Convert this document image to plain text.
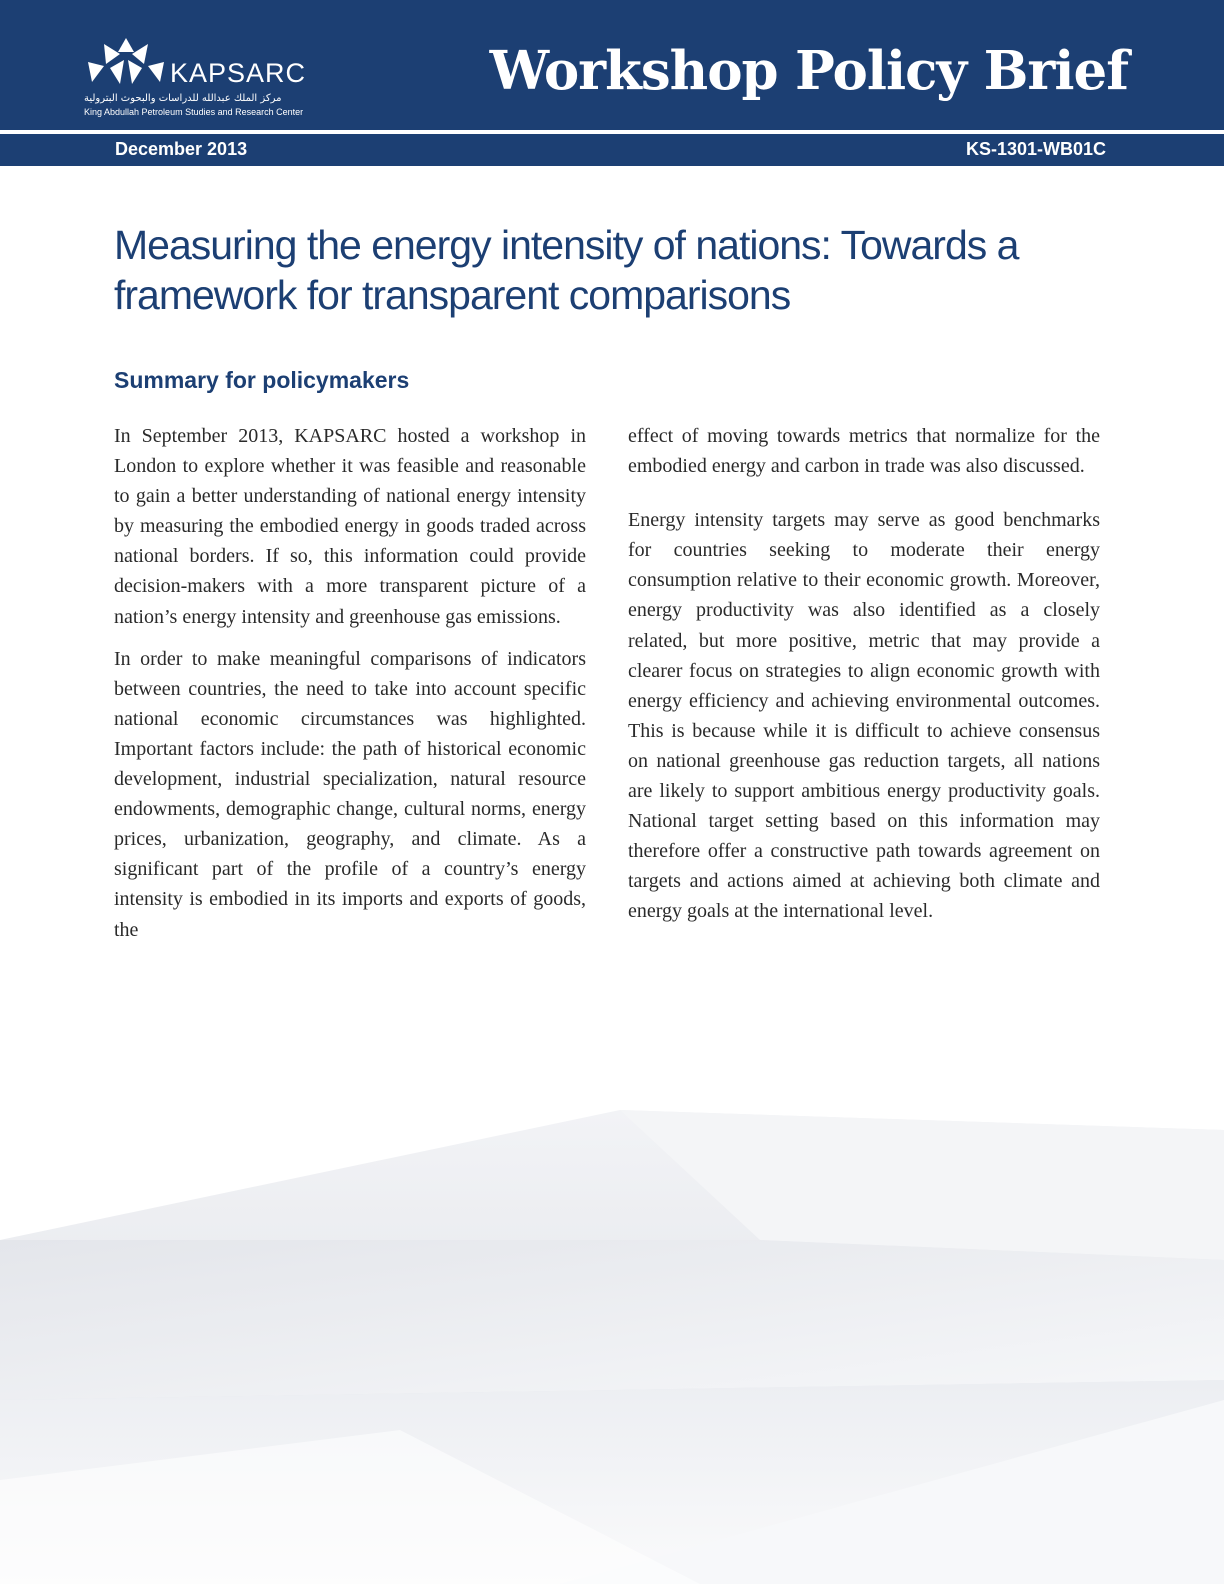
KAPSARC
مركز الملك عبدالله للدراسات والبحوث البترولية
King Abdullah Petroleum Studies and Research Center
Workshop Policy Brief
December 2013	KS-1301-WB01C
Measuring the energy intensity of nations: Towards a framework for transparent comparisons
Summary for policymakers

In September 2013, KAPSARC hosted a workshop in London to explore whether it was feasible and reasonable to gain a better understanding of national energy intensity by measuring the embodied energy in goods traded across national borders. If so, this information could provide decision-makers with a more transparent picture of a nation’s energy intensity and greenhouse gas emissions.

In order to make meaningful comparisons of indicators between countries, the need to take into account specific national economic circumstances was highlighted. Important factors include: the path of historical economic development, industrial specialization, natural resource endowments, demographic change, cultural norms, energy prices, urbanization, geography, and climate. As a significant part of the profile of a country’s energy intensity is embodied in its imports and exports of goods, the

effect of moving towards metrics that normalize for the embodied energy and carbon in trade was also discussed.

Energy intensity targets may serve as good benchmarks for countries seeking to moderate their energy consumption relative to their economic growth. Moreover, energy productivity was also identified as a closely related, but more positive, metric that may provide a clearer focus on strategies to align economic growth with energy efficiency and achieving environmental outcomes. This is because while it is difficult to achieve consensus on national greenhouse gas reduction targets, all nations are likely to support ambitious energy productivity goals. National target setting based on this information may therefore offer a constructive path towards agreement on targets and actions aimed at achieving both climate and energy goals at the international level.
